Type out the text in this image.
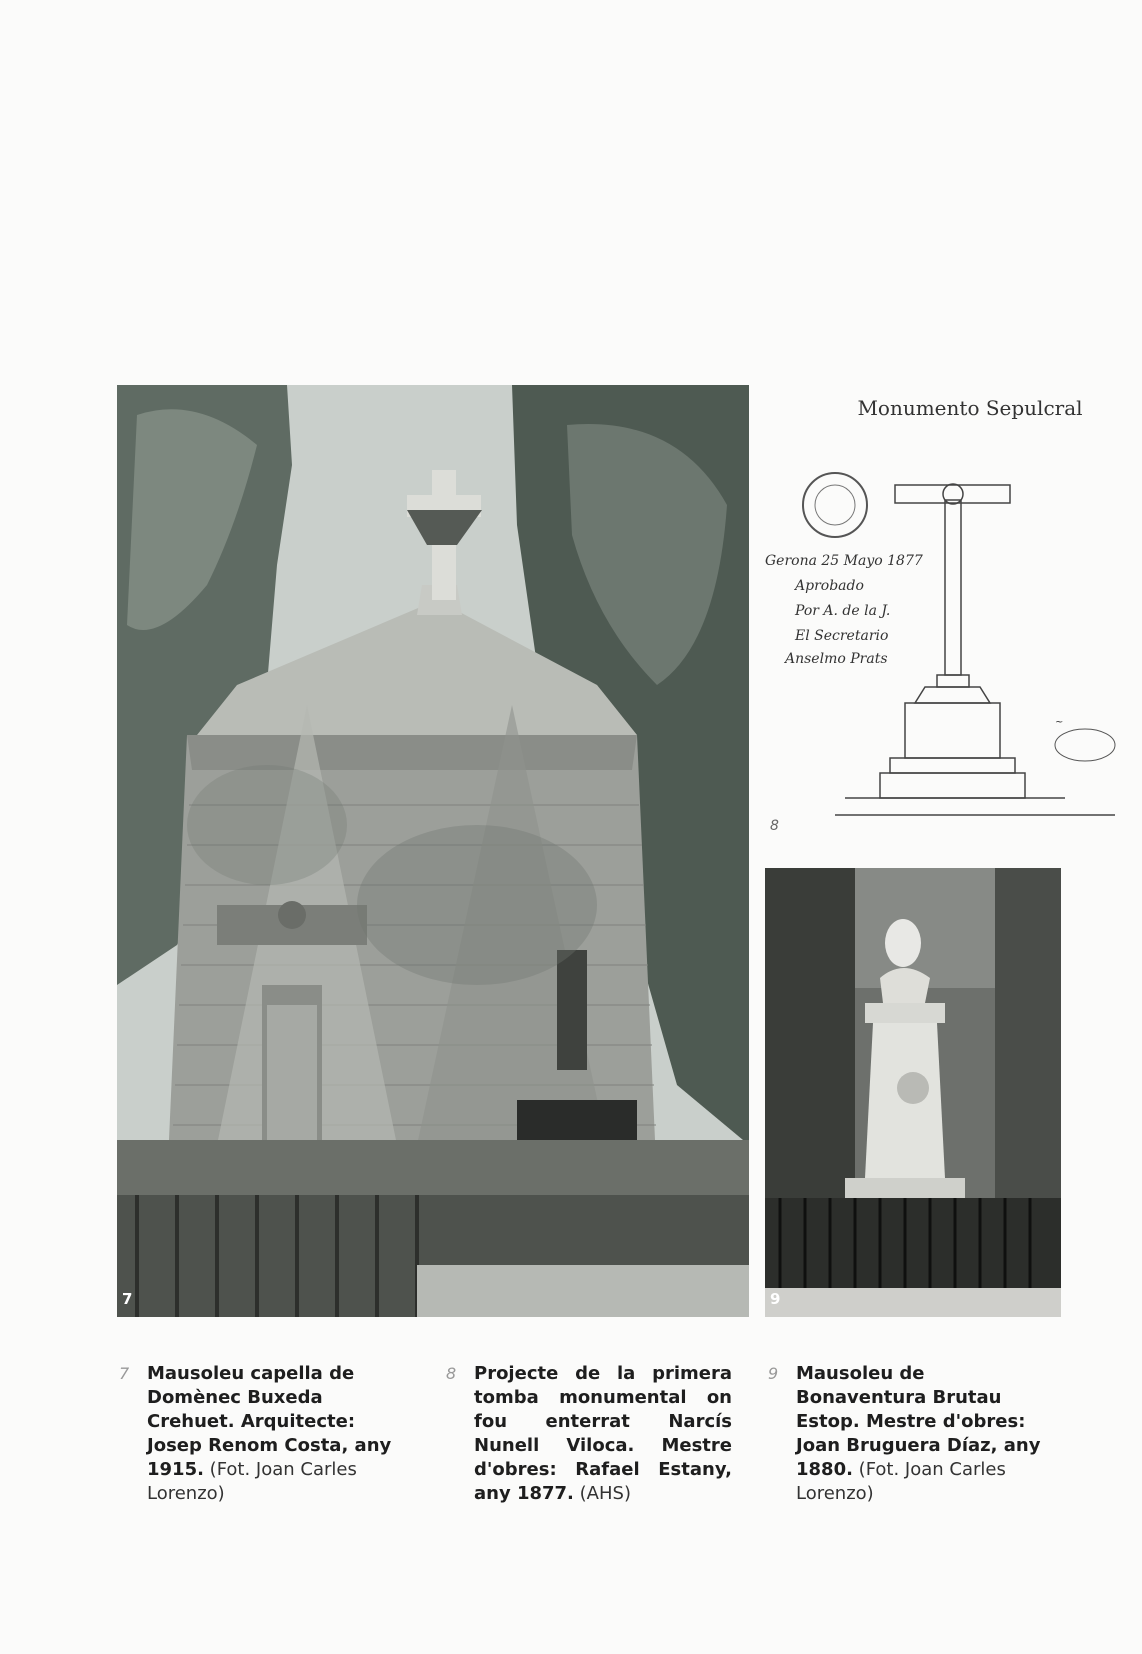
7
Monumento Sepulcral
Gerona 25 Mayo 1877
Aprobado
Por A. de la J.
El Secretario
Anselmo Prats
~
8
9
7 Mausoleu capella de Domènec Buxeda Crehuet. Arquitecte: Josep Renom Costa, any 1915. (Fot. Joan Carles Lorenzo)
8 Projecte de la primera tomba monumental on fou enterrat Narcís Nunell Viloca. Mestre d'obres: Rafael Estany, any 1877. (AHS)
9 Mausoleu de Bonaventura Brutau Estop. Mestre d'obres: Joan Bruguera Díaz, any 1880. (Fot. Joan Carles Lorenzo)
